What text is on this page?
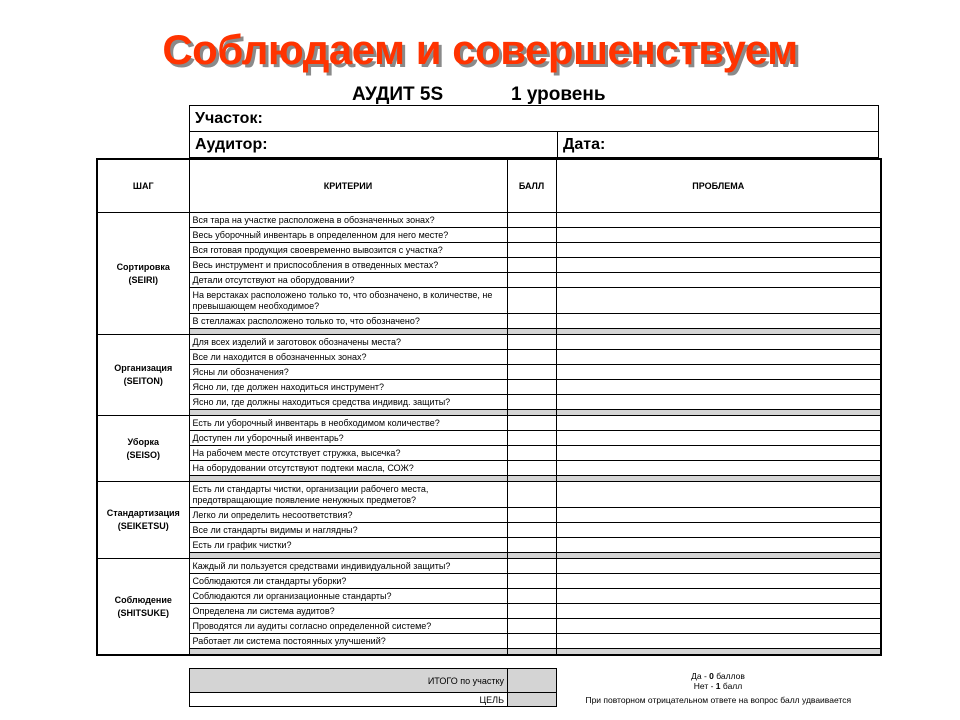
Соблюдаем и совершенствуем
АУДИТ 5S	1 уровень
Участок:
Аудитор:	Дата:
ШАГ	КРИТЕРИИ	БАЛЛ	ПРОБЛЕМА

Сортировка
(SEIRI)	Вся тара на участке расположена в обозначенных зонах?		
	Весь уборочный инвентарь в определенном для него месте?		
	Вся готовая продукция своевременно вывозится с участка?		
	Весь инструмент и приспособления в отведенных местах?		
	Детали отсутствуют на оборудовании?		
	На верстаках расположено только то, что обозначено, в количестве, не превышающем необходимое?		
	В стеллажах расположено только то, что обозначено?		

Организация
(SEITON)	Для всех изделий и заготовок обозначены места?		
	Все ли находится в обозначенных зонах?		
	Ясны ли обозначения?		
	Ясно ли, где должен находиться инструмент?		
	Ясно ли, где должны находиться средства индивид. защиты?		

Уборка
(SEISO)	Есть ли уборочный инвентарь в необходимом количестве?		
	Доступен ли уборочный инвентарь?		
	На рабочем месте отсутствует стружка, высечка?		
	На оборудовании отсутствуют подтеки масла, СОЖ?		

Стандартизация
(SEIKETSU)	Есть ли стандарты чистки, организации рабочего места, предотвращающие появление ненужных предметов?		
	Легко ли определить несоответствия?		
	Все ли стандарты видимы и наглядны?		
	Есть ли график чистки?		

Соблюдение
(SHITSUKE)	Каждый ли пользуется средствами индивидуальной защиты?		
	Соблюдаются ли стандарты уборки?		
	Соблюдаются ли организационные стандарты?		
	Определена ли система аудитов?		
	Проводятся ли аудиты согласно определенной системе?		
	Работает ли система постоянных улучшений?		

ИТОГО по участку		Да - 0 баллов
Нет - 1 балл

ЦЕЛЬ		При повторном отрицательном ответе на вопрос балл удваивается
